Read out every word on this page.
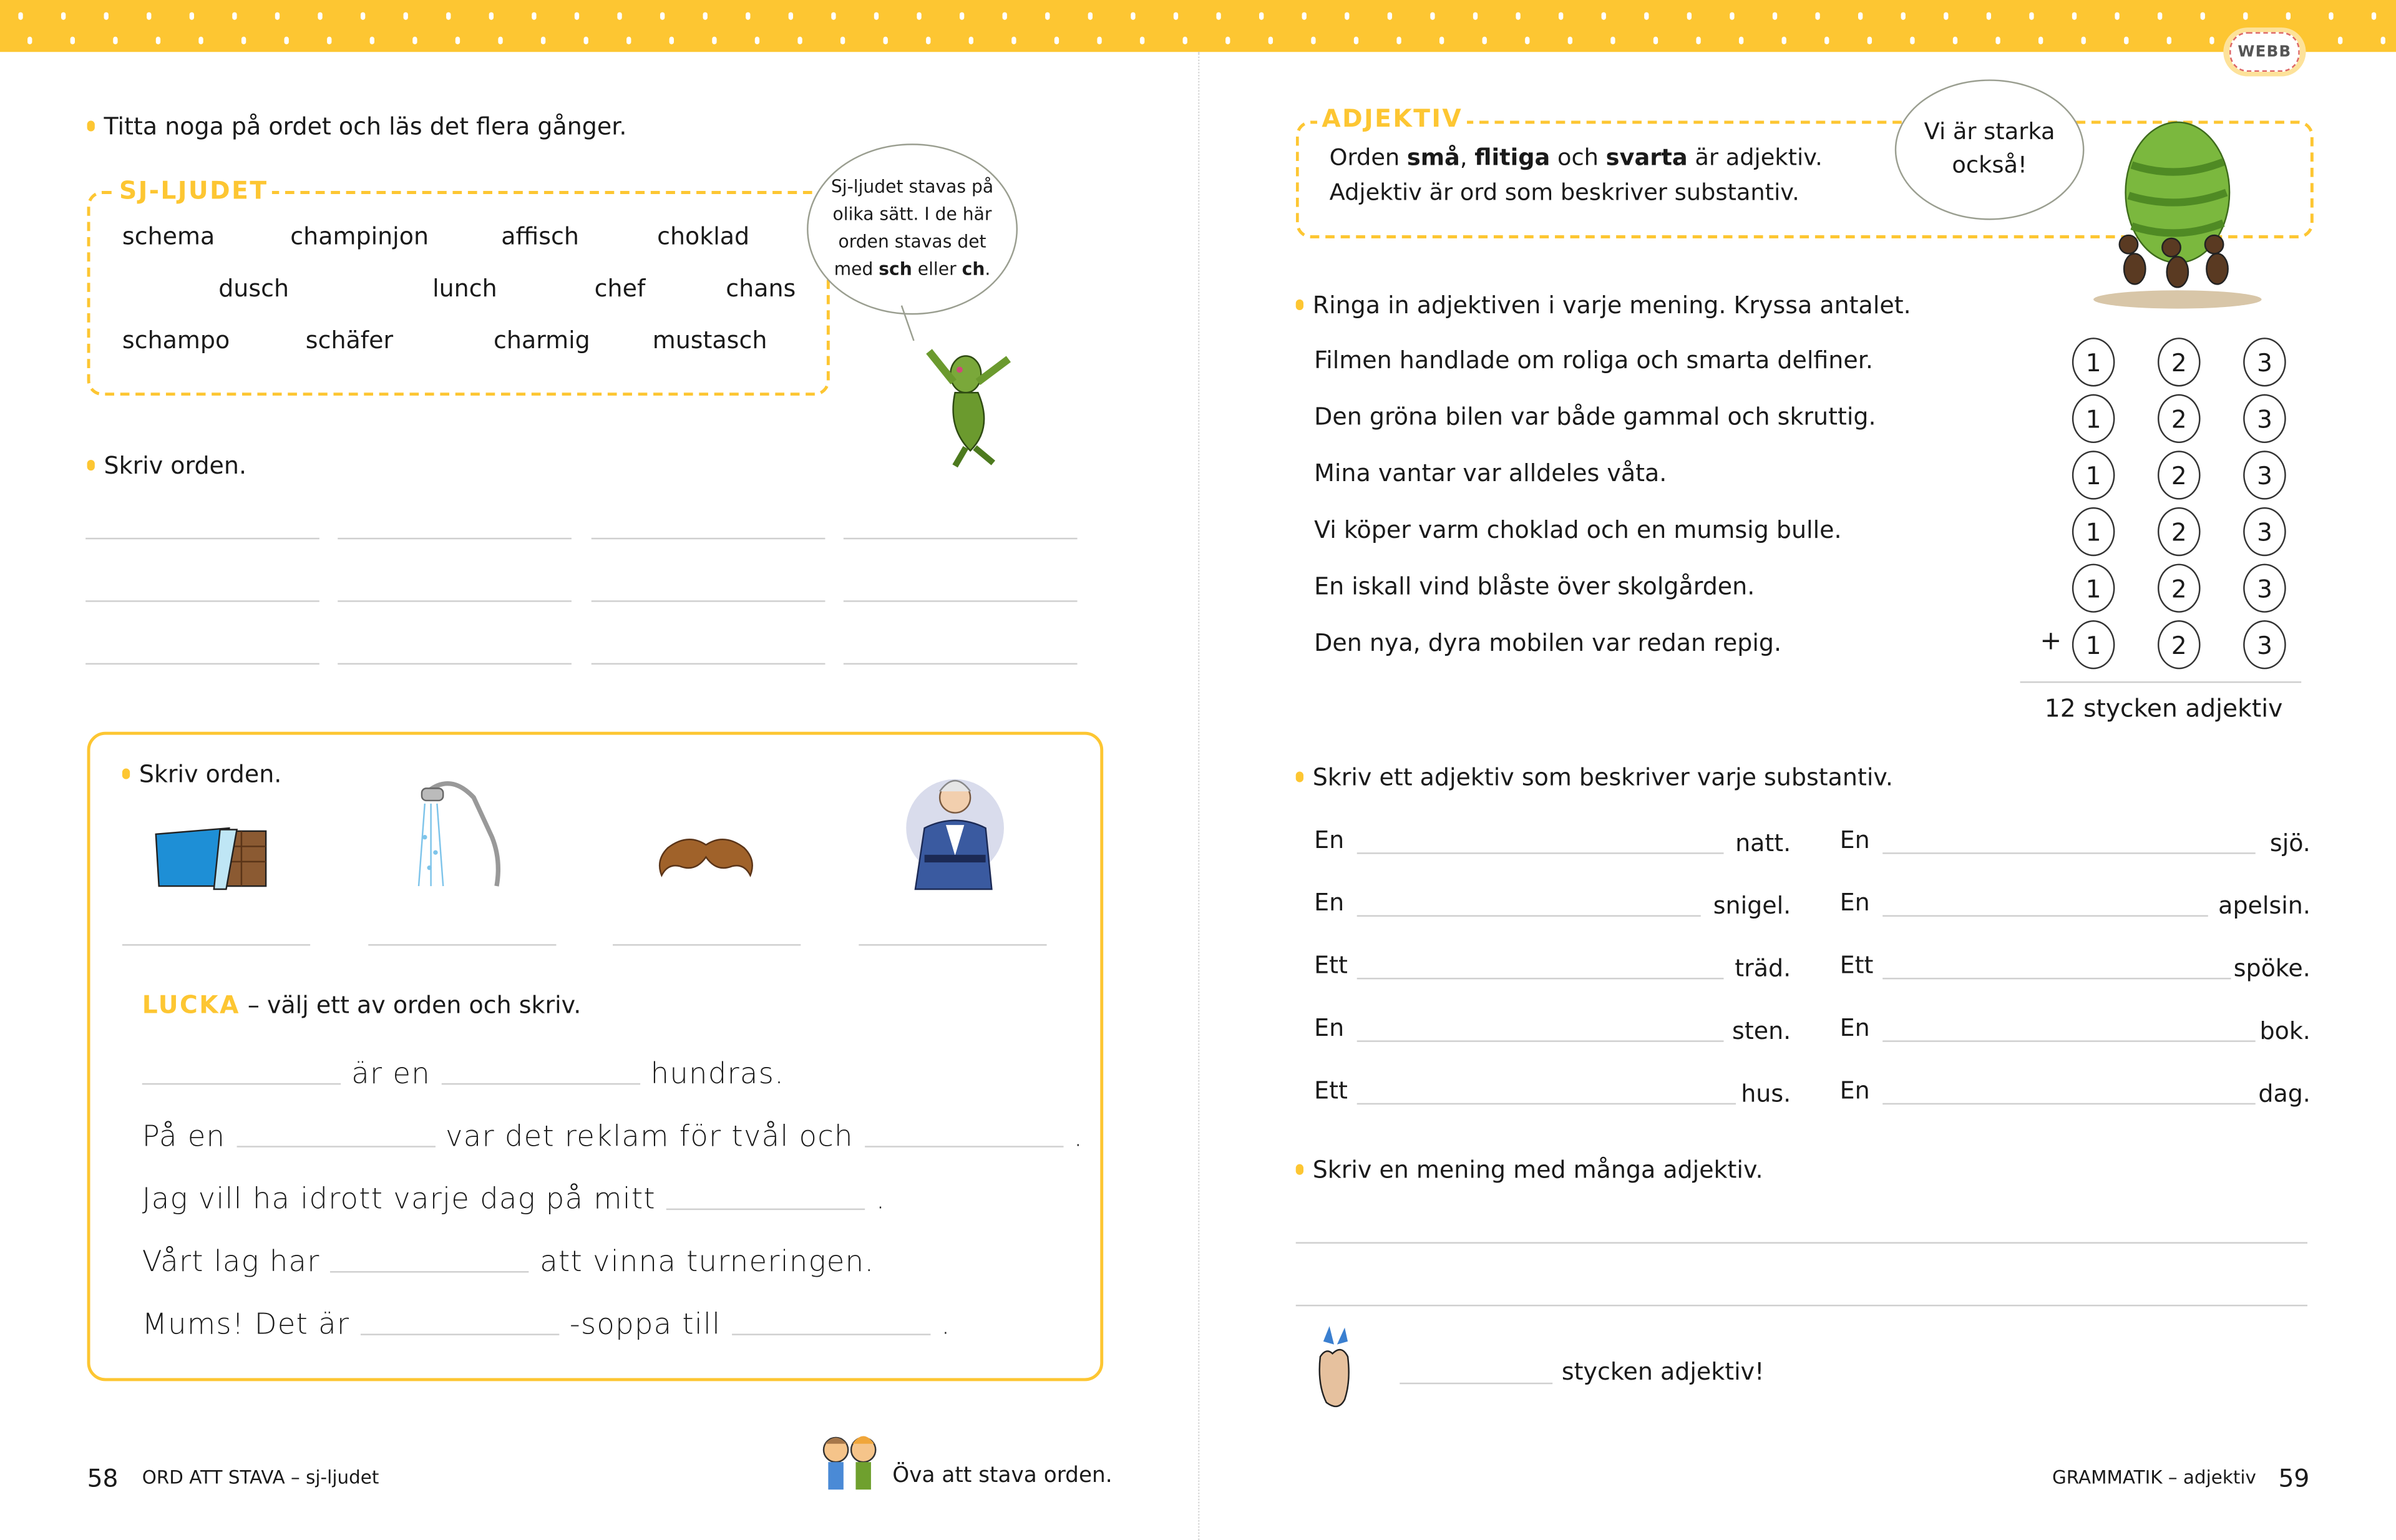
WEBB
Titta noga på ordet och läs det flera gånger.
SJ-LJUDET
schema	champinjon	affisch	choklad
dusch	lunch	chef	chans
schampo	schäfer	charmig	mustasch
Sj-ljudet stavas på
olika sätt. I de här
orden stavas det
med sch eller ch.
Skriv orden.
Skriv orden.
LUCKA – välj ett av orden och skriv.
är en	hundras.
På en	var det reklam för tvål och	.
Jag vill ha idrott varje dag på mitt	.
Vårt lag har	att vinna turneringen.
Mums! Det är	-soppa till	.
58	ORD ATT STAVA – sj-ljudet	Öva att stava orden.
ADJEKTIV
Orden små, flitiga och svarta är adjektiv.
Adjektiv är ord som beskriver substantiv.
Vi är starka
också!
Ringa in adjektiven i varje mening. Kryssa antalet.
Filmen handlade om roliga och smarta delfiner.	1	2	3
Den gröna bilen var både gammal och skruttig.	1	2	3
Mina vantar var alldeles våta.	1	2	3
Vi köper varm choklad och en mumsig bulle.	1	2	3
En iskall vind blåste över skolgården.	1	2	3
Den nya, dyra mobilen var redan repig.	1	2	3
+
12 stycken adjektiv
Skriv ett adjektiv som beskriver varje substantiv.
En	natt.
En	snigel.
Ett	träd.
En	sten.
Ett	hus.
En	sjö.
En	apelsin.
Ett	spöke.
En	bok.
En	dag.
Skriv en mening med många adjektiv.
stycken adjektiv!
GRAMMATIK – adjektiv 59
